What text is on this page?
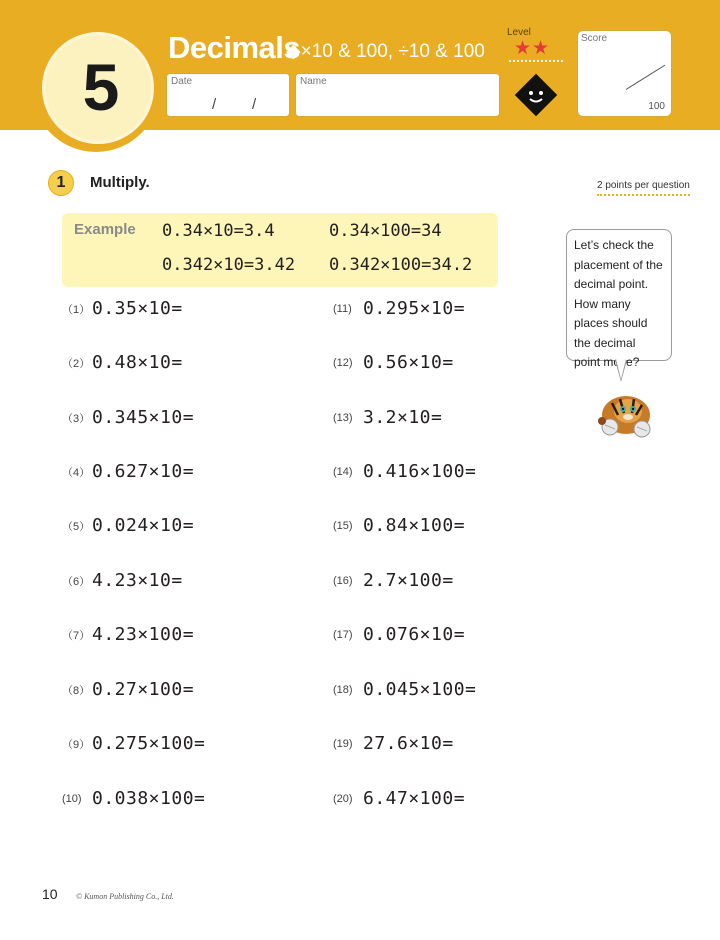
5
Decimals
◆×10 & 100, ÷10 & 100
Level
★★
Date
/ /
Name
Score
100
1	Multiply.	2 points per question
Example 0.34×10=3.4	0.34×100=34
0.342×10=3.42 0.342×100=34.2
（1） 0.35×10=
（2） 0.48×10=
（3） 0.345×10=
（4） 0.627×10=
（5） 0.024×10=
（6） 4.23×10=
（7） 4.23×100=
（8） 0.27×100=
（9） 0.275×100=
(10) 0.038×100=
(11) 0.295×10=
(12) 0.56×10=
(13) 3.2×10=
(14) 0.416×100=
(15) 0.84×100=
(16) 2.7×100=
(17) 0.076×10=
(18) 0.045×100=
(19) 27.6×10=
(20) 6.47×100=
Let’s check the placement of the decimal point. How many places should the decimal point move?
10 © Kumon Publishing Co., Ltd.
